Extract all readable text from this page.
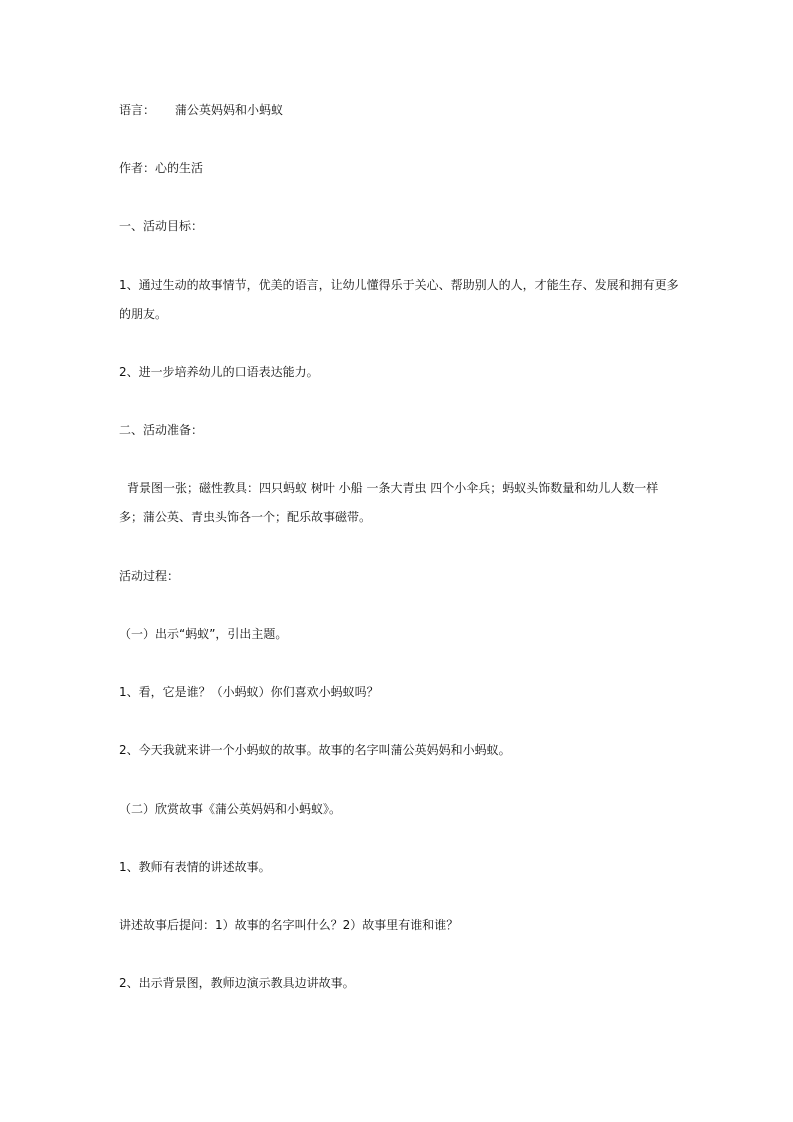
语言： 蒲公英妈妈和小蚂蚁
作者：心的生活
一、活动目标：
1、通过生动的故事情节，优美的语言，让幼儿懂得乐于关心、帮助别人的人，才能生存、发展和拥有更多的朋友。
2、进一步培养幼儿的口语表达能力。
二、活动准备：
背景图一张；磁性教具：四只蚂蚁 树叶 小船 一条大青虫 四个小伞兵；蚂蚁头饰数量和幼儿人数一样多；蒲公英、青虫头饰各一个；配乐故事磁带。
活动过程：
（一）出示“蚂蚁”，引出主题。
1、看，它是谁？（小蚂蚁）你们喜欢小蚂蚁吗？
2、今天我就来讲一个小蚂蚁的故事。故事的名字叫蒲公英妈妈和小蚂蚁。
（二）欣赏故事《蒲公英妈妈和小蚂蚁》。
1、教师有表情的讲述故事。
讲述故事后提问：1）故事的名字叫什么？2）故事里有谁和谁？
2、出示背景图，教师边演示教具边讲故事。
